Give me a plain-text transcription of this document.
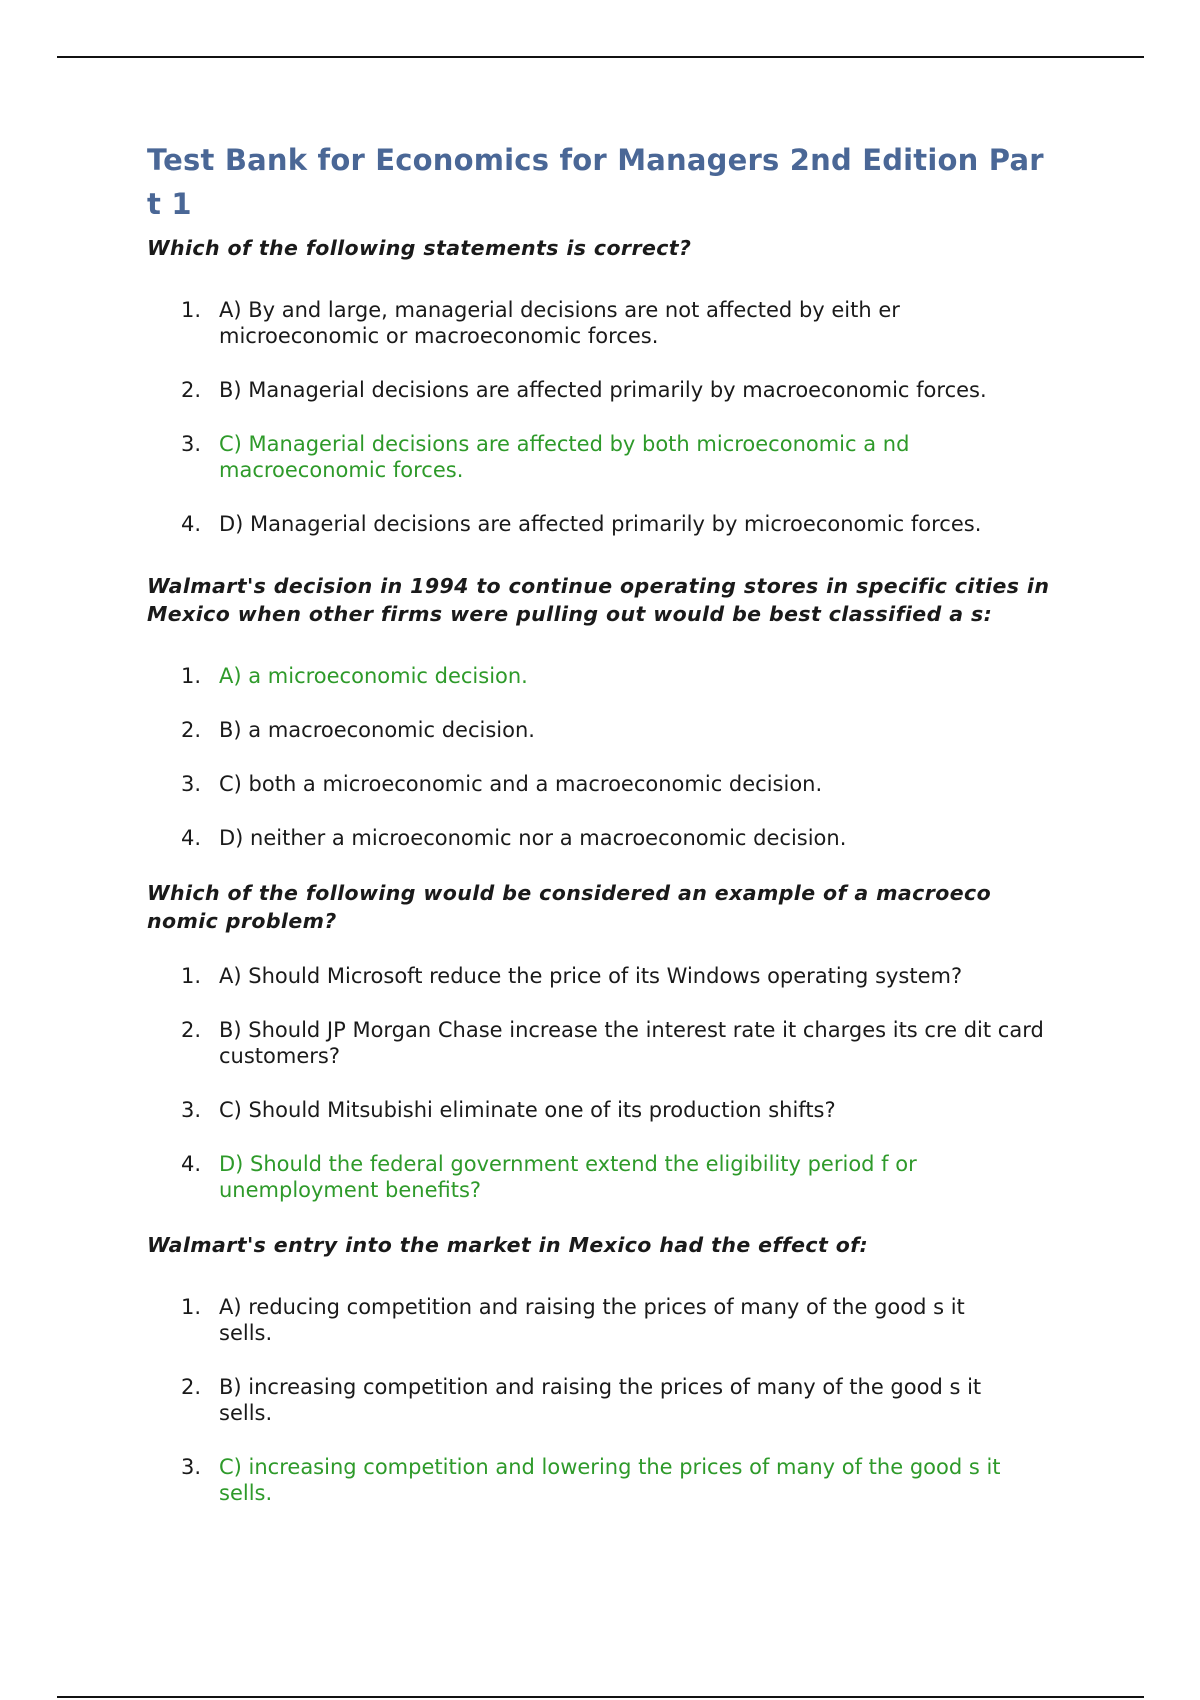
Test Bank for Economics for Managers 2nd Edition Par t 1

Which of the following statements is correct?

1. A) By and large, managerial decisions are not affected by eith er microeconomic or macroeconomic forces.
2. B) Managerial decisions are affected primarily by macroeconomic forces.
3. C) Managerial decisions are affected by both microeconomic a nd macroeconomic forces.
4. D) Managerial decisions are affected primarily by microeconomic forces.

Walmart's decision in 1994 to continue operating stores in specific cities in Mexico when other firms were pulling out would be best classified a s:

1. A) a microeconomic decision.
2. B) a macroeconomic decision.
3. C) both a microeconomic and a macroeconomic decision.
4. D) neither a microeconomic nor a macroeconomic decision.

Which of the following would be considered an example of a macroeco nomic problem?

1. A) Should Microsoft reduce the price of its Windows operating system?
2. B) Should JP Morgan Chase increase the interest rate it charges its cre dit card customers?
3. C) Should Mitsubishi eliminate one of its production shifts?
4. D) Should the federal government extend the eligibility period f or unemployment benefits?

Walmart's entry into the market in Mexico had the effect of:

1. A) reducing competition and raising the prices of many of the good s it sells.
2. B) increasing competition and raising the prices of many of the good s it sells.
3. C) increasing competition and lowering the prices of many of the good s it sells.
